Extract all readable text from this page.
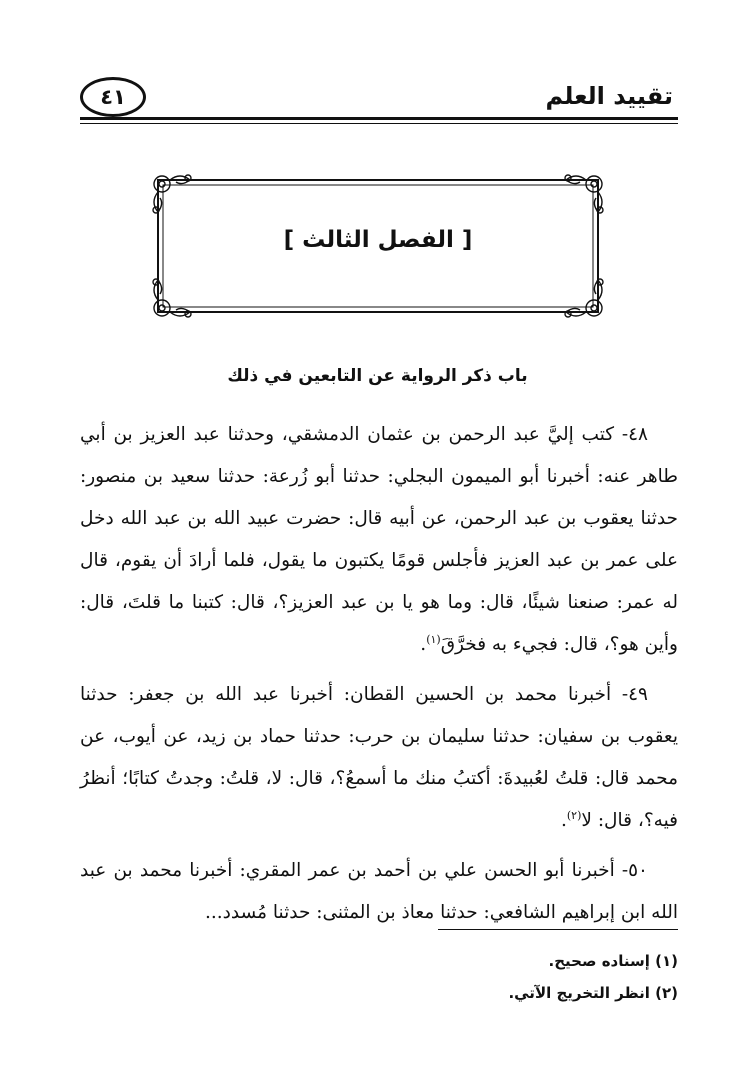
تقييد العلم
٤١
[ الفصل الثالث ]
باب ذكر الرواية عن التابعين في ذلك

٤٨- كتب إليَّ عبد الرحمن بن عثمان الدمشقي، وحدثنا عبد العزيز بن أبي طاهر عنه: أخبرنا أبو الميمون البجلي: حدثنا أبو زُرعة: حدثنا سعيد بن منصور: حدثنا يعقوب بن عبد الرحمن، عن أبيه قال: حضرت عبيد الله بن عبد الله دخل على عمر بن عبد العزيز فأجلس قومًا يكتبون ما يقول، فلما أرادَ أن يقوم، قال له عمر: صنعنا شيئًا، قال: وما هو يا بن عبد العزيز؟، قال: كتبنا ما قلتَ، قال: وأين هو؟، قال: فجيء به فخرَّقَ$^{(١)}$.

٤٩- أخبرنا محمد بن الحسين القطان: أخبرنا عبد الله بن جعفر: حدثنا يعقوب بن سفيان: حدثنا سليمان بن حرب: حدثنا حماد بن زيد، عن أيوب، عن محمد قال: قلتُ لعُبيدةَ: أكتبُ منك ما أسمعُ؟، قال: لا، قلتُ: وجدتُ كتابًا؛ أنظرُ فيه؟، قال: لا$^{(٢)}$.

٥٠- أخبرنا أبو الحسن علي بن أحمد بن عمر المقري: أخبرنا محمد بن عبد الله ابن إبراهيم الشافعي: حدثنا معاذ بن المثنى: حدثنا مُسدد...

(١) إسناده صحيح.

(٢) انظر التخريج الآتي.
